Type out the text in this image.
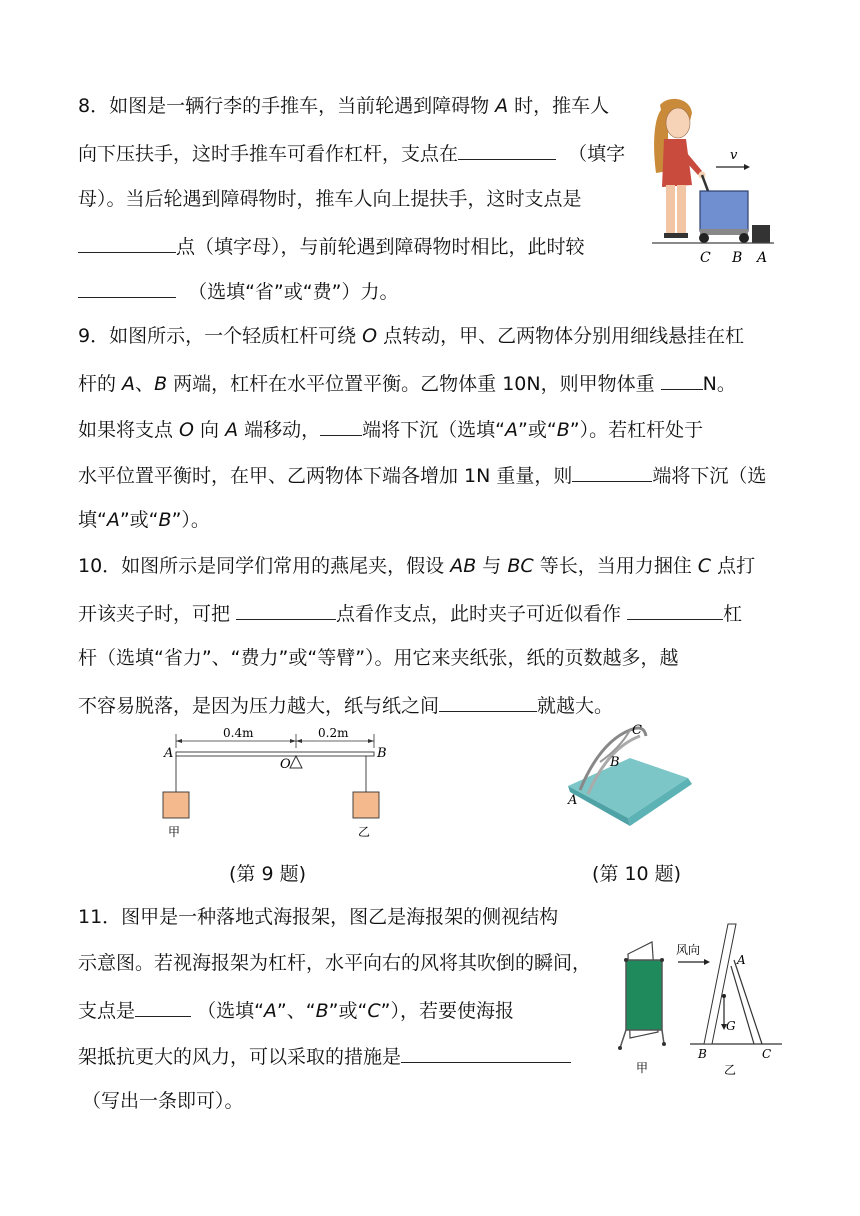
8．如图是一辆行李的手推车，当前轮遇到障碍物 A 时，推车人
向下压扶手，这时手推车可看作杠杆，支点在	（填字
母）。当后轮遇到障碍物时，推车人向上提扶手，这时支点是
点（填字母），与前轮遇到障碍物时相比，此时较
（选填“省”或“费”）力。
v
C B A
9．如图所示，一个轻质杠杆可绕 O 点转动，甲、乙两物体分别用细线悬挂在杠
杆的 A、B 两端，杠杆在水平位置平衡。乙物体重 10N，则甲物体重 N。
如果将支点 O 向 A 端移动， 端将下沉（选填“A”或“B”）。若杠杆处于
水平位置平衡时，在甲、乙两物体下端各增加 1N 重量，则	端将下沉（选
填“A”或“B”）。
10．如图所示是同学们常用的燕尾夹，假设 AB 与 BC 等长，当用力捆住 C 点打
开该夹子时，可把	点看作支点，此时夹子可近似看作	杠
杆（选填“省力”、“费力”或“等臂”）。用它来夹纸张，纸的页数越多，越
不容易脱落，是因为压力越大，纸与纸之间	就越大。
0.4m	0.2m
O
A	B
甲	乙
(第 9 题)
C
B
A
(第 10 题)
11．图甲是一种落地式海报架，图乙是海报架的侧视结构
示意图。若视海报架为杠杆，水平向右的风将其吹倒的瞬间，
支点是	（选填“A”、“B”或“C”），若要使海报
架抵抗更大的风力，可以采取的措施是
（写出一条即可）。
甲
风向
A
G
B	C
乙
